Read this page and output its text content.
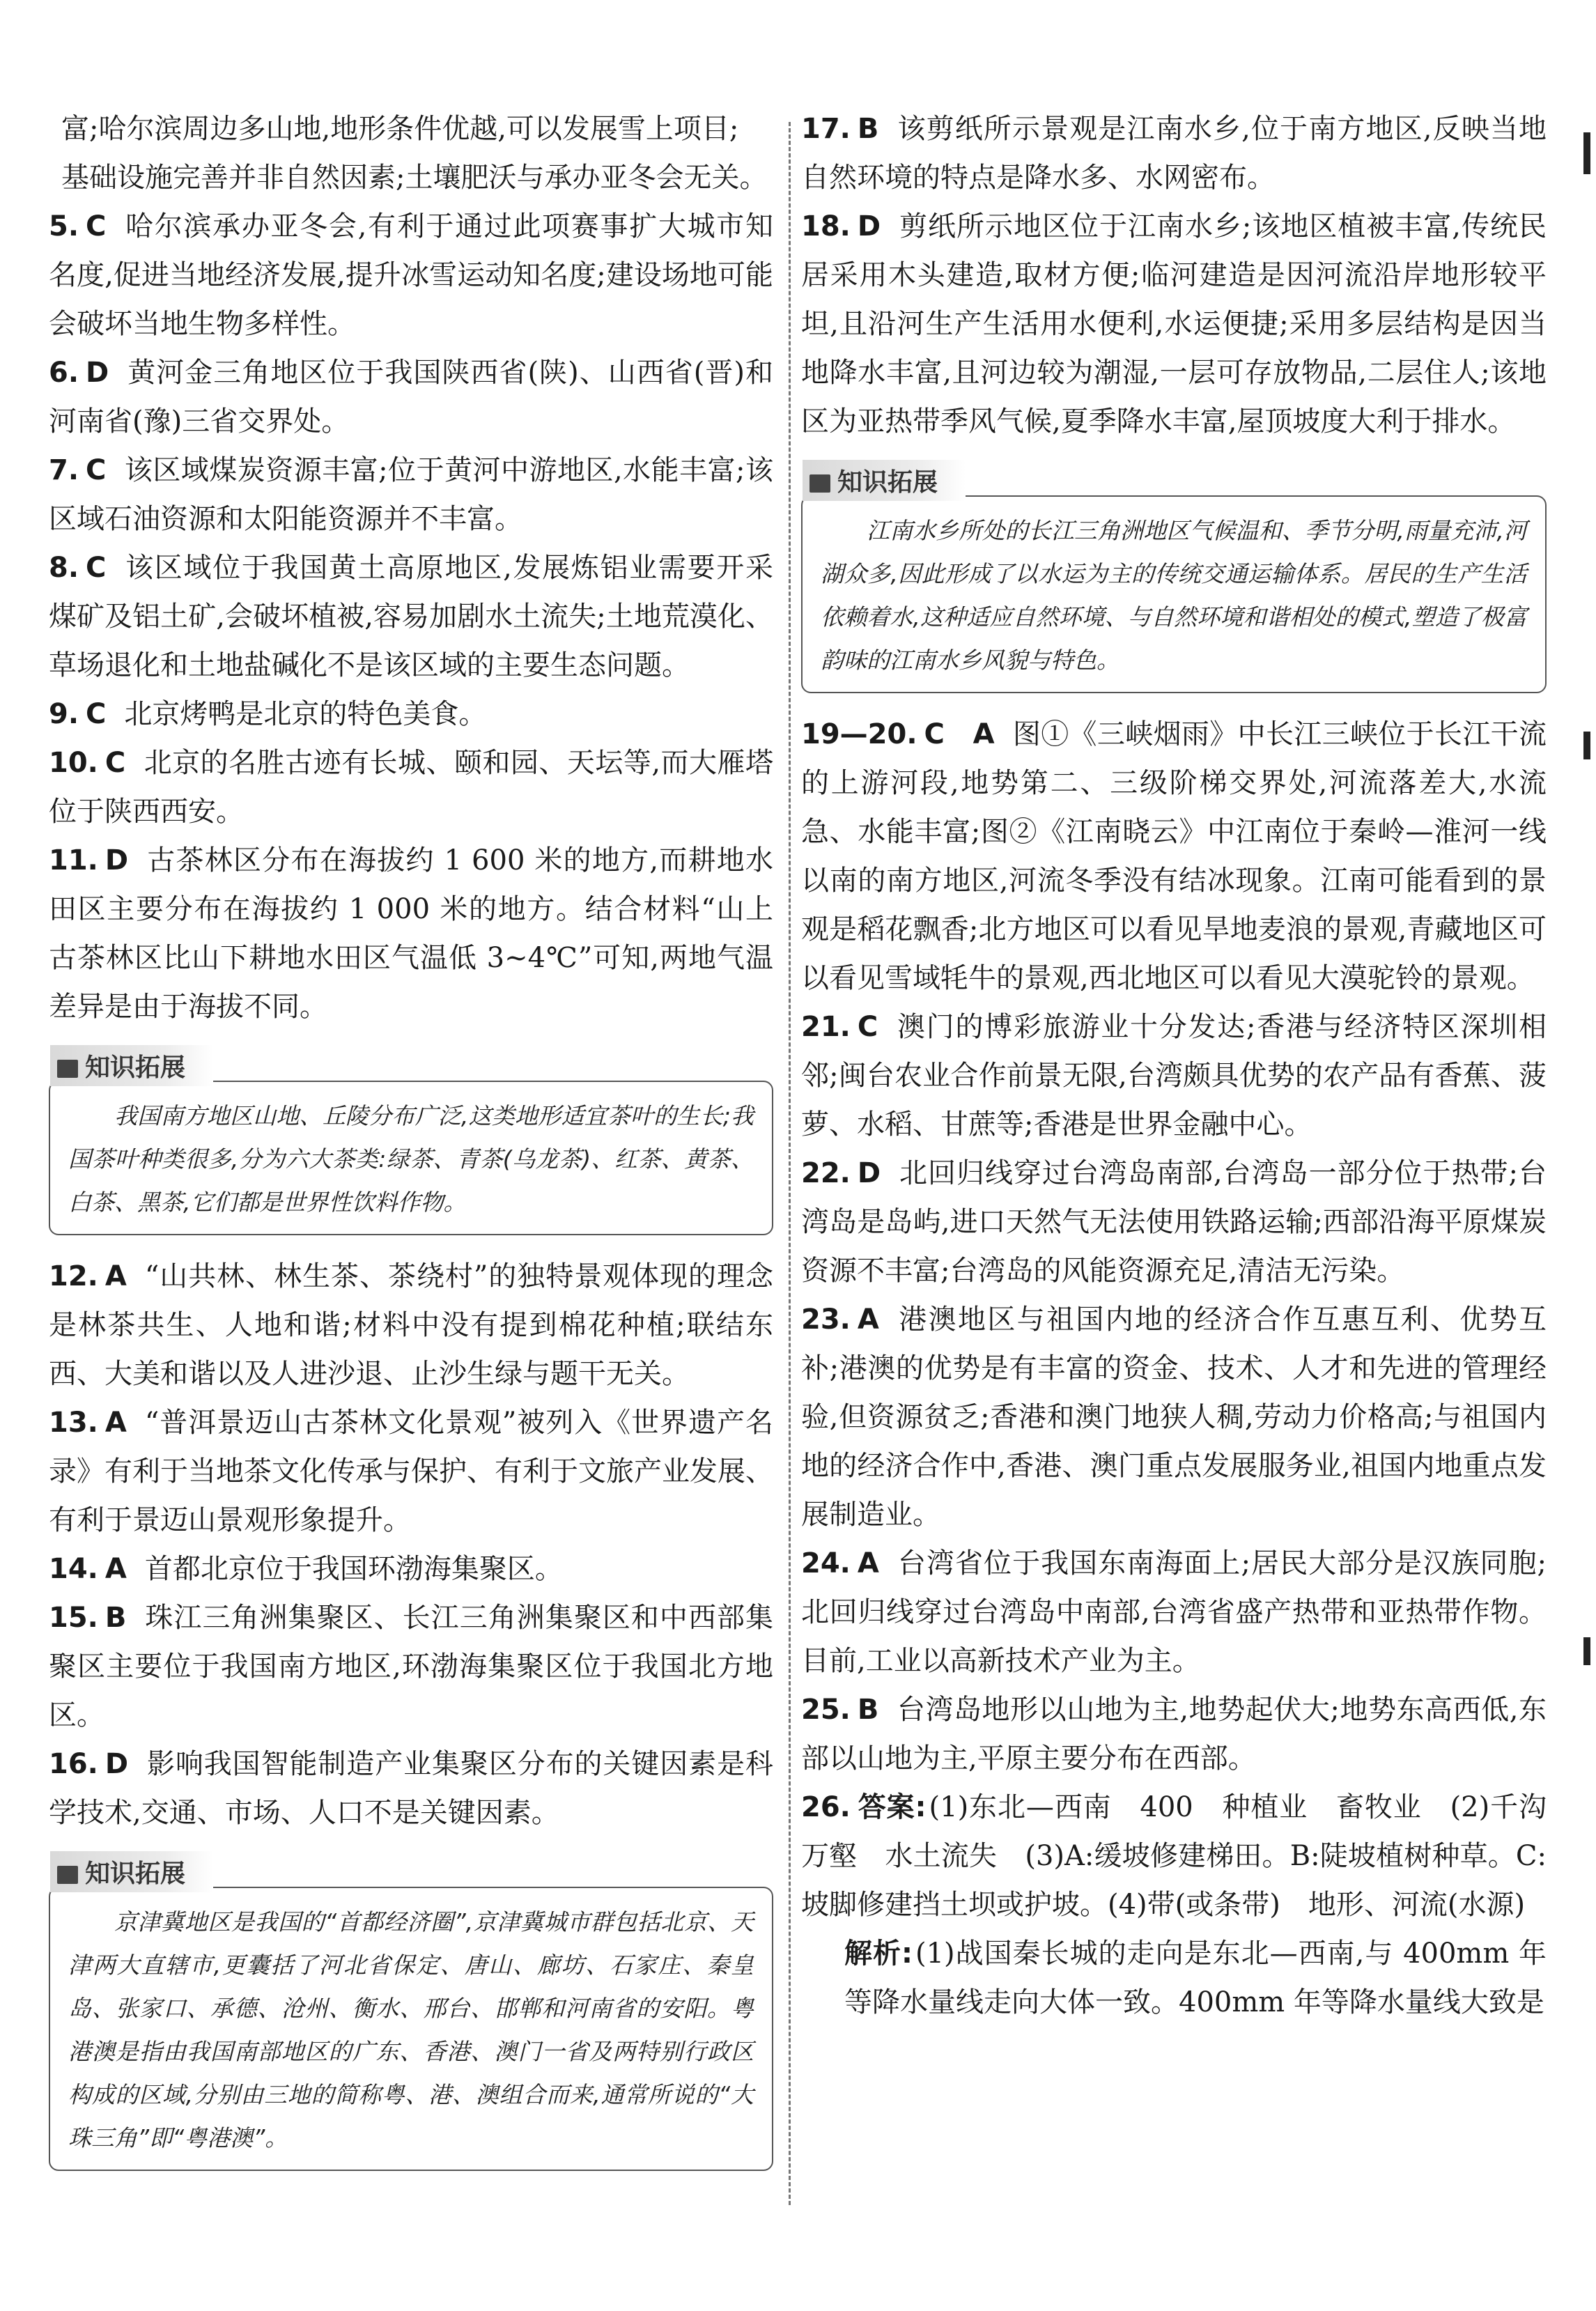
富;哈尔滨周边多山地,地形条件优越,可以发展雪上项目;
基础设施完善并非自然因素;土壤肥沃与承办亚冬会无关。
5. C 哈尔滨承办亚冬会,有利于通过此项赛事扩大城市知名度,促进当地经济发展,提升冰雪运动知名度;建设场地可能会破坏当地生物多样性。
6. D 黄河金三角地区位于我国陕西省(陕)、山西省(晋)和河南省(豫)三省交界处。
7. C 该区域煤炭资源丰富;位于黄河中游地区,水能丰富;该区域石油资源和太阳能资源并不丰富。
8. C 该区域位于我国黄土高原地区,发展炼铝业需要开采煤矿及铝土矿,会破坏植被,容易加剧水土流失;土地荒漠化、草场退化和土地盐碱化不是该区域的主要生态问题。
9. C 北京烤鸭是北京的特色美食。
10. C 北京的名胜古迹有长城、颐和园、天坛等,而大雁塔位于陕西西安。
11. D 古茶林区分布在海拔约 1 600 米的地方,而耕地水田区主要分布在海拔约 1 000 米的地方。结合材料“山上古茶林区比山下耕地水田区气温低 3~4℃”可知,两地气温差异是由于海拔不同。
知识拓展
我国南方地区山地、丘陵分布广泛,这类地形适宜茶叶的生长;我国茶叶种类很多,分为六大茶类:绿茶、青茶(乌龙茶)、红茶、黄茶、白茶、黑茶,它们都是世界性饮料作物。
12. A “山共林、林生茶、茶绕村”的独特景观体现的理念是林茶共生、人地和谐;材料中没有提到棉花种植;联结东西、大美和谐以及人进沙退、止沙生绿与题干无关。
13. A “普洱景迈山古茶林文化景观”被列入《世界遗产名录》有利于当地茶文化传承与保护、有利于文旅产业发展、有利于景迈山景观形象提升。
14. A 首都北京位于我国环渤海集聚区。
15. B 珠江三角洲集聚区、长江三角洲集聚区和中西部集聚区主要位于我国南方地区,环渤海集聚区位于我国北方地区。
16. D 影响我国智能制造产业集聚区分布的关键因素是科学技术,交通、市场、人口不是关键因素。
知识拓展
京津冀地区是我国的“首都经济圈”,京津冀城市群包括北京、天津两大直辖市,更囊括了河北省保定、唐山、廊坊、石家庄、秦皇岛、张家口、承德、沧州、衡水、邢台、邯郸和河南省的安阳。粤港澳是指由我国南部地区的广东、香港、澳门一省及两特别行政区构成的区域,分别由三地的简称粤、港、澳组合而来,通常所说的“大珠三角”即“粤港澳”。
17. B 该剪纸所示景观是江南水乡,位于南方地区,反映当地自然环境的特点是降水多、水网密布。
18. D 剪纸所示地区位于江南水乡;该地区植被丰富,传统民居采用木头建造,取材方便;临河建造是因河流沿岸地形较平坦,且沿河生产生活用水便利,水运便捷;采用多层结构是因当地降水丰富,且河边较为潮湿,一层可存放物品,二层住人;该地区为亚热带季风气候,夏季降水丰富,屋顶坡度大利于排水。
知识拓展
江南水乡所处的长江三角洲地区气候温和、季节分明,雨量充沛,河湖众多,因此形成了以水运为主的传统交通运输体系。居民的生产生活依赖着水,这种适应自然环境、与自然环境和谐相处的模式,塑造了极富韵味的江南水乡风貌与特色。
19—20. C　A 图①《三峡烟雨》中长江三峡位于长江干流的上游河段,地势第二、三级阶梯交界处,河流落差大,水流急、水能丰富;图②《江南晓云》中江南位于秦岭—淮河一线以南的南方地区,河流冬季没有结冰现象。江南可能看到的景观是稻花飘香;北方地区可以看见旱地麦浪的景观,青藏地区可以看见雪域牦牛的景观,西北地区可以看见大漠驼铃的景观。
21. C 澳门的博彩旅游业十分发达;香港与经济特区深圳相邻;闽台农业合作前景无限,台湾颇具优势的农产品有香蕉、菠萝、水稻、甘蔗等;香港是世界金融中心。
22. D 北回归线穿过台湾岛南部,台湾岛一部分位于热带;台湾岛是岛屿,进口天然气无法使用铁路运输;西部沿海平原煤炭资源不丰富;台湾岛的风能资源充足,清洁无污染。
23. A 港澳地区与祖国内地的经济合作互惠互利、优势互补;港澳的优势是有丰富的资金、技术、人才和先进的管理经验,但资源贫乏;香港和澳门地狭人稠,劳动力价格高;与祖国内地的经济合作中,香港、澳门重点发展服务业,祖国内地重点发展制造业。
24. A 台湾省位于我国东南海面上;居民大部分是汉族同胞;北回归线穿过台湾岛中南部,台湾省盛产热带和亚热带作物。目前,工业以高新技术产业为主。
25. B 台湾岛地形以山地为主,地势起伏大;地势东高西低,东部以山地为主,平原主要分布在西部。
26. 答案: (1)东北—西南　400　种植业　畜牧业　(2)千沟万壑　水土流失　(3)A:缓坡修建梯田。B:陡坡植树种草。C:坡脚修建挡土坝或护坡。(4)带(或条带)　地形、河流(水源)
解析: (1)战国秦长城的走向是东北—西南,与 400mm 年等降水量线走向大体一致。400mm 年等降水量线大致是
